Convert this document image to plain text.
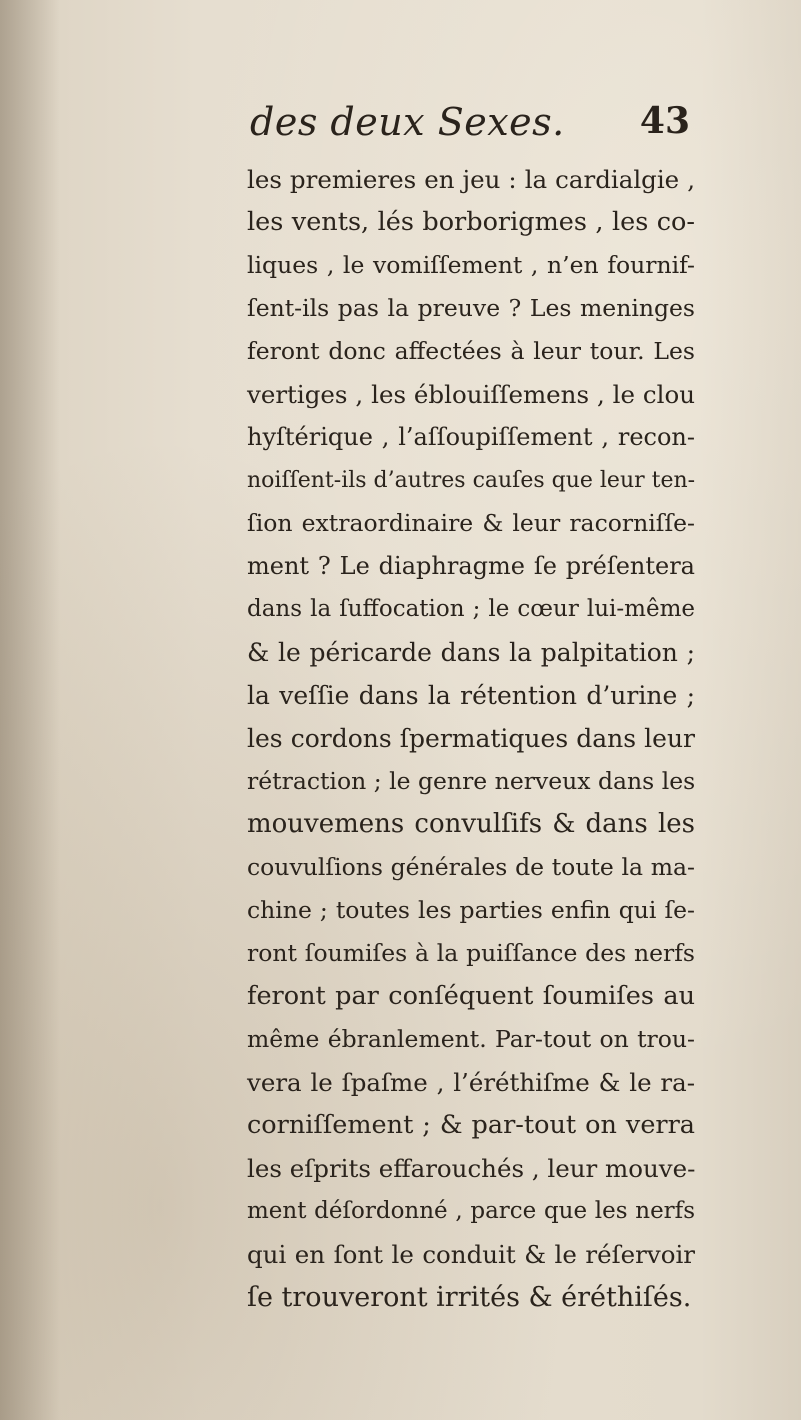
des deux Sexes. 43
les premieres en jeu : la cardialgie ,
les vents, lés borborigmes , les co-
liques , le vomiſſement , n’en fournif-
ſent-ils pas la preuve ? Les meninges
feront donc affectées à leur tour. Les
vertiges , les éblouiſſemens , le clou
hyſtérique , l’aſſoupiſſement , recon-
noiſſent-ils d’autres cauſes que leur ten-
ſion extraordinaire & leur racorniſſe-
ment ? Le diaphragme ſe préſentera
dans la ſuffocation ; le cœur lui-même
& le péricarde dans la palpitation ;
la veſſie dans la rétention d’urine ;
les cordons ſpermatiques dans leur
rétraction ; le genre nerveux dans les
mouvemens convulſifs & dans les
couvulſions générales de toute la ma-
chine ; toutes les parties enfin qui ſe-
ront ſoumiſes à la puiſſance des nerfs
feront par conſéquent ſoumiſes au
même ébranlement. Par-tout on trou-
vera le ſpaſme , l’éréthiſme & le ra-
corniſſement ; & par-tout on verra
les eſprits effarouchés , leur mouve-
ment déſordonné , parce que les nerfs
qui en ſont le conduit & le réſervoir
ſe trouveront irrités & éréthiſés.
